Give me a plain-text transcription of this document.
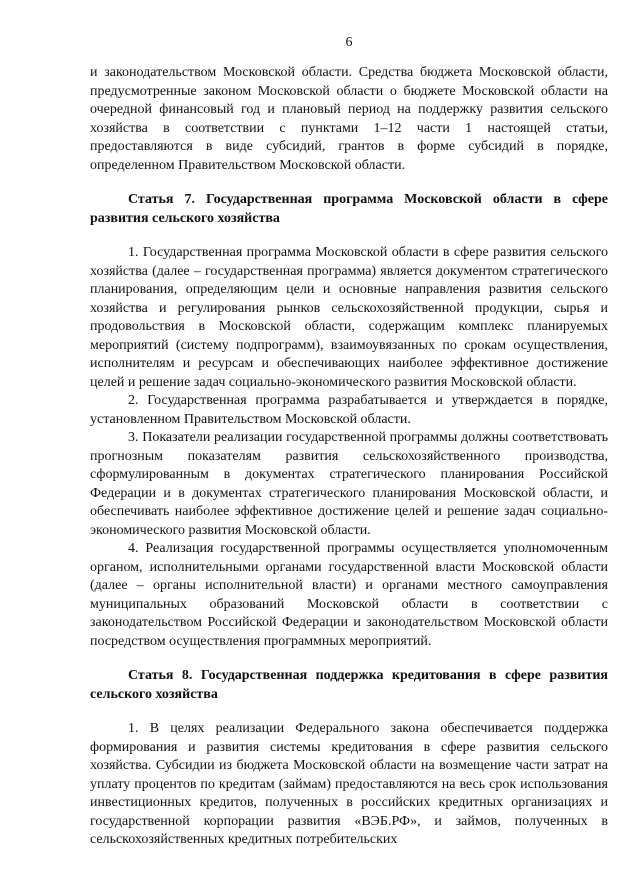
6

и законодательством Московской области. Средства бюджета Московской области, предусмотренные законом Московской области о бюджете Московской области на очередной финансовый год и плановый период на поддержку развития сельского хозяйства в соответствии с пунктами 1–12 части 1 настоящей статьи, предоставляются в виде субсидий, грантов в форме субсидий в порядке, определенном Правительством Московской области.

Статья 7. Государственная программа Московской области в сфере развития сельского хозяйства

1. Государственная программа Московской области в сфере развития сельского хозяйства (далее – государственная программа) является документом стратегического планирования, определяющим цели и основные направления развития сельского хозяйства и регулирования рынков сельскохозяйственной продукции, сырья и продовольствия в Московской области, содержащим комплекс планируемых мероприятий (систему подпрограмм), взаимоувязанных по срокам осуществления, исполнителям и ресурсам и обеспечивающих наиболее эффективное достижение целей и решение задач социально-экономического развития Московской области.

2. Государственная программа разрабатывается и утверждается в порядке, установленном Правительством Московской области.

3. Показатели реализации государственной программы должны соответствовать прогнозным показателям развития сельскохозяйственного производства, сформулированным в документах стратегического планирования Российской Федерации и в документах стратегического планирования Московской области, и обеспечивать наиболее эффективное достижение целей и решение задач социально-экономического развития Московской области.

4. Реализация государственной программы осуществляется уполномоченным органом, исполнительными органами государственной власти Московской области (далее – органы исполнительной власти) и органами местного самоуправления муниципальных образований Московской области в соответствии с законодательством Российской Федерации и законодательством Московской области посредством осуществления программных мероприятий.

Статья 8. Государственная поддержка кредитования в сфере развития сельского хозяйства

1. В целях реализации Федерального закона обеспечивается поддержка формирования и развития системы кредитования в сфере развития сельского хозяйства. Субсидии из бюджета Московской области на возмещение части затрат на уплату процентов по кредитам (займам) предоставляются на весь срок использования инвестиционных кредитов, полученных в российских кредитных организациях и государственной корпорации развития «ВЭБ.РФ», и займов, полученных в сельскохозяйственных кредитных потребительских
